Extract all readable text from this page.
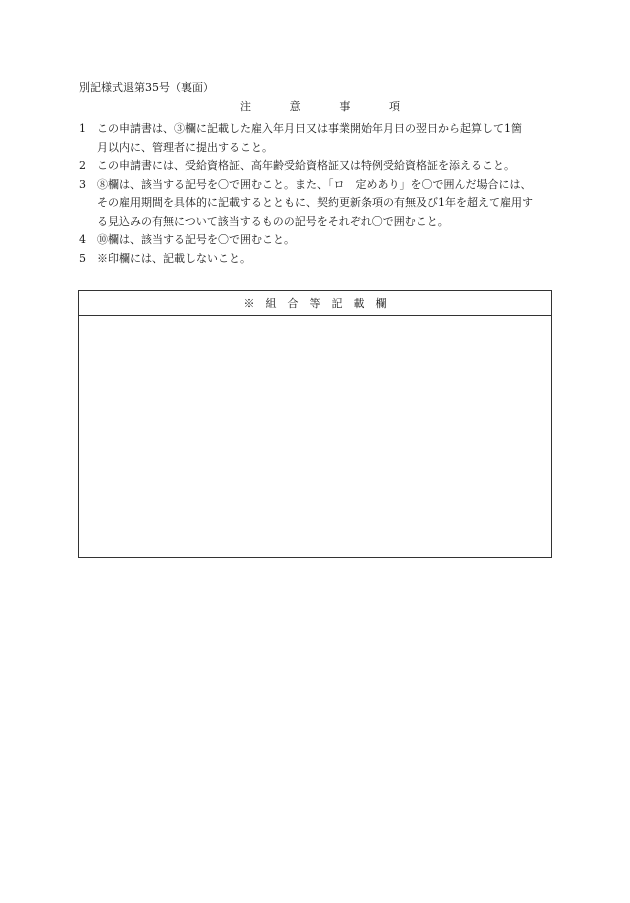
別記様式退第35号（裏面）
注	意	事	項
1	この申請書は、③欄に記載した雇入年月日又は事業開始年月日の翌日から起算して1箇
月以内に、管理者に提出すること。
2	この申請書には、受給資格証、高年齢受給資格証又は特例受給資格証を添えること。
3	⑧欄は、該当する記号を〇で囲むこと。また、「ロ　定めあり」を〇で囲んだ場合には、
その雇用期間を具体的に記載するとともに、契約更新条項の有無及び1年を超えて雇用す
る見込みの有無について該当するものの記号をそれぞれ〇で囲むこと。
4	⑩欄は、該当する記号を〇で囲むこと。
5	※印欄には、記載しないこと。
※　組　合　等　記　載　欄
